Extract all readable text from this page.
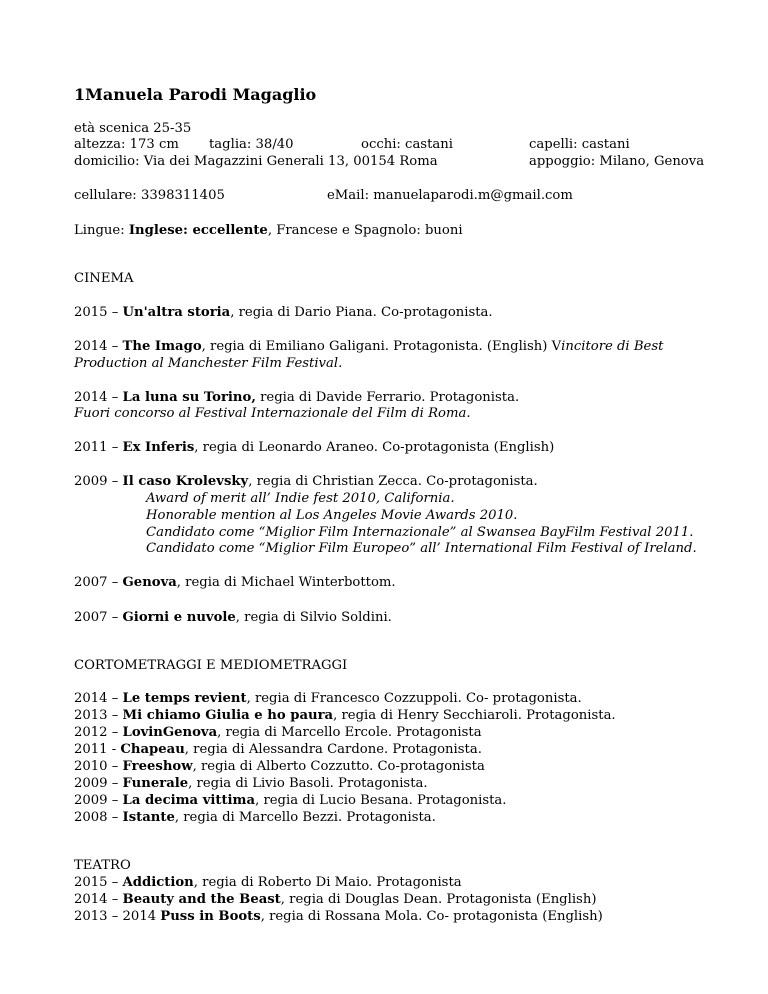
1Manuela Parodi Magaglio
età scenica 25-35
altezza: 173 cm taglia: 38/40	occhi: castani	capelli: castani
domicilio: Via dei Magazzini Generali 13, 00154 Roma	appoggio: Milano, Genova
cellulare: 3398311405	eMail: manuelaparodi.m@gmail.com
Lingue: Inglese: eccellente, Francese e Spagnolo: buoni
CINEMA
2015 – Un'altra storia, regia di Dario Piana. Co-protagonista.
2014 – The Imago, regia di Emiliano Galigani. Protagonista. (English) Vincitore di Best
Production al Manchester Film Festival.
2014 – La luna su Torino, regia di Davide Ferrario. Protagonista.
Fuori concorso al Festival Internazionale del Film di Roma.
2011 – Ex Inferis, regia di Leonardo Araneo. Co-protagonista (English)
2009 – Il caso Krolevsky, regia di Christian Zecca. Co-protagonista.
Award of merit all’ Indie fest 2010, California.
Honorable mention al Los Angeles Movie Awards 2010.
Candidato come “Miglior Film Internazionale” al Swansea BayFilm Festival 2011.
Candidato come “Miglior Film Europeo” all’ International Film Festival of Ireland.
2007 – Genova, regia di Michael Winterbottom.
2007 – Giorni e nuvole, regia di Silvio Soldini.
CORTOMETRAGGI E MEDIOMETRAGGI
2014 – Le temps revient, regia di Francesco Cozzuppoli. Co- protagonista.
2013 – Mi chiamo Giulia e ho paura, regia di Henry Secchiaroli. Protagonista.
2012 – LovinGenova, regia di Marcello Ercole. Protagonista
2011 - Chapeau, regia di Alessandra Cardone. Protagonista.
2010 – Freeshow, regia di Alberto Cozzutto. Co-protagonista
2009 – Funerale, regia di Livio Basoli. Protagonista.
2009 – La decima vittima, regia di Lucio Besana. Protagonista.
2008 – Istante, regia di Marcello Bezzi. Protagonista.
TEATRO
2015 – Addiction, regia di Roberto Di Maio. Protagonista
2014 – Beauty and the Beast, regia di Douglas Dean. Protagonista (English)
2013 – 2014 Puss in Boots, regia di Rossana Mola. Co- protagonista (English)
